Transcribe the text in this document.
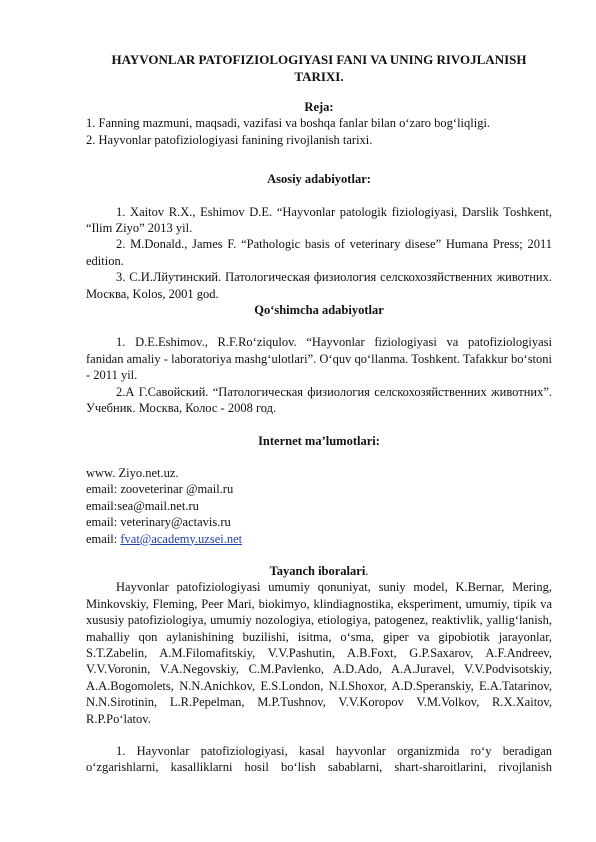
HAYVONLAR PATOFIZIOLOGIYASI FANI VA UNING RIVOJLANISH TARIXI.

Reja:

1. Fanning mazmuni, maqsadi, vazifasi va boshqa fanlar bilan o‘zaro bog‘liqligi.
2. Hayvonlar patofiziologiyasi fanining rivojlanish tarixi.

Asosiy adabiyotlar:

1. Xaitov R.X., Eshimov D.E. “Hayvonlar patologik fiziologiyasi, Darslik Toshkent, “Ilim Ziyo” 2013 yil.

2. M.Donald., James F. “Pathologic basis of veterinary disese” Humana Press; 2011 edition.

3. С.И.Лйутинский. Патологическая физиология селскохозяйственних животних. Москва, Kolos, 2001 god.

Qo‘shimcha adabiyotlar

1. D.E.Eshimov., R.F.Ro‘ziqulov. “Hayvonlar fiziologiyasi va patofiziologiyasi fanidan amaliy - laboratoriya mashg‘ulotlari”. O‘quv qo‘llanma. Toshkent. Tafakkur bo‘stoni - 2011 yil.

2.А Г.Савойский. “Патологическая физиология селскохозяйственних животних”. Учебник. Москва, Колос - 2008 год.

Internet ma’lumotlari:

www. Ziyo.net.uz.
email: zooveterinar @mail.ru
email:sea@mail.net.ru
email: veterinary@actavis.ru
email: fvat@academy.uzsei.net

Tayanch iboralari.

Hayvonlar patofiziologiyasi umumiy qonuniyat, suniy model, K.Bernar, Mering, Minkovskiy, Fleming, Peer Mari, biokimyo, klindiagnostika, eksperiment, umumiy, tipik va xususiy patofiziologiya, umumiy nozologiya, etiologiya, patogenez, reaktivlik, yallig‘lanish, mahalliy qon aylanishining buzilishi, isitma, o‘sma, giper va gipobiotik jarayonlar, S.T.Zabelin, A.M.Filomafitskiy, V.V.Pashutin, A.B.Foxt, G.P.Saxarov, A.F.Andreev, V.V.Voronin, V.A.Negovskiy, C.M.Pavlenko, A.D.Ado, A.A.Juravel, V.V.Podvisotskiy, A.A.Bogomolets, N.N.Anichkov, E.S.London, N.I.Shoxor, A.D.Speranskiy, E.A.Tatarinov, N.N.Sirotinin, L.R.Pepelman, M.P.Tushnov, V.V.Koropov V.M.Volkov, R.X.Xaitov, R.P.Po‘latov.

1. Hayvonlar patofiziologiyasi, kasal hayvonlar organizmida ro‘y beradigan o‘zgarishlarni, kasalliklarni hosil bo‘lish sabablarni, shart-sharoitlarini, rivojlanish
